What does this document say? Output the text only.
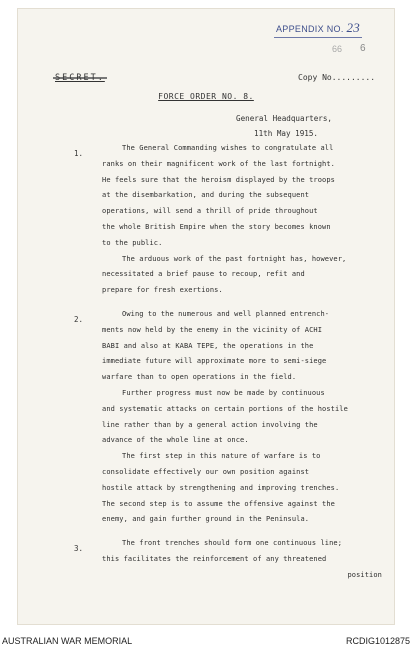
APPENDIX NO. 23
66 6
SECRET.	Copy No.........
FORCE ORDER NO. 8.
General Headquarters,
11th May 1915.
1.
The General Commanding wishes to congratulate all
ranks on their magnificent work of the last fortnight.
He feels sure that the heroism displayed by the troops
at the disembarkation, and during the subsequent
operations, will send a thrill of pride throughout
the whole British Empire when the story becomes known
to the public.
The arduous work of the past fortnight has, however,
necessitated a brief pause to recoup, refit and
prepare for fresh exertions.
2.
Owing to the numerous and well planned entrench-
ments now held by the enemy in the vicinity of ACHI
BABI and also at KABA TEPE, the operations in the
immediate future will approximate more to semi-siege
warfare than to open operations in the field.
Further progress must now be made by continuous
and systematic attacks on certain portions of the hostile
line rather than by a general action involving the
advance of the whole line at once.
The first step in this nature of warfare is to
consolidate effectively our own position against
hostile attack by strengthening and improving trenches.
The second step is to assume the offensive against the
enemy, and gain further ground in the Peninsula.
3.
The front trenches should form one continuous line;
this facilitates the reinforcement of any threatened
position
AUSTRALIAN WAR MEMORIAL	RCDIG1012875
